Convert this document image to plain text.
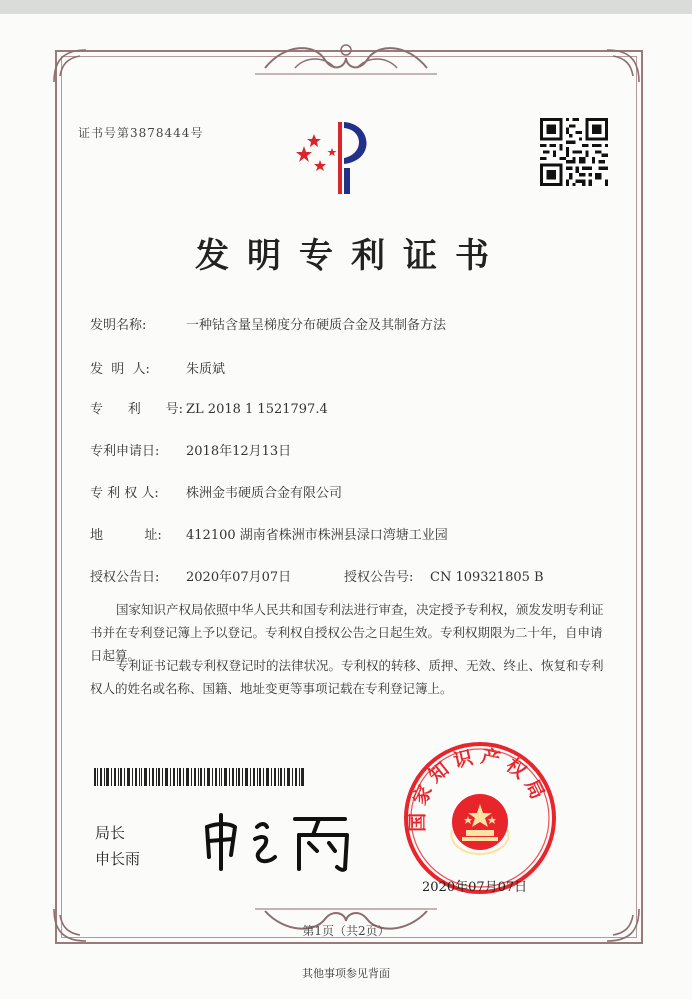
证书号第3878444号
发明专利证书
发明名称:	一种钴含量呈梯度分布硬质合金及其制备方法
发  明  人:	朱质斌
专      利      号: ZL 2018 1 1521797.4
专利申请日: 2018年12月13日
专 利 权 人: 株洲金韦硬质合金有限公司
地          址: 412100 湖南省株洲市株洲县渌口湾塘工业园
授权公告日: 2020年07月07日	授权公告号: CN 109321805 B
国家知识产权局依照中华人民共和国专利法进行审查，决定授予专利权，颁发发明专利证书并在专利登记簿上予以登记。专利权自授权公告之日起生效。专利权期限为二十年，自申请日起算。
专利证书记载专利权登记时的法律状况。专利权的转移、质押、无效、终止、恢复和专利权人的姓名或名称、国籍、地址变更等事项记载在专利登记簿上。
局长
申长雨
国家知识产权局
2020年07月07日
第1页（共2页）
其他事项参见背面
